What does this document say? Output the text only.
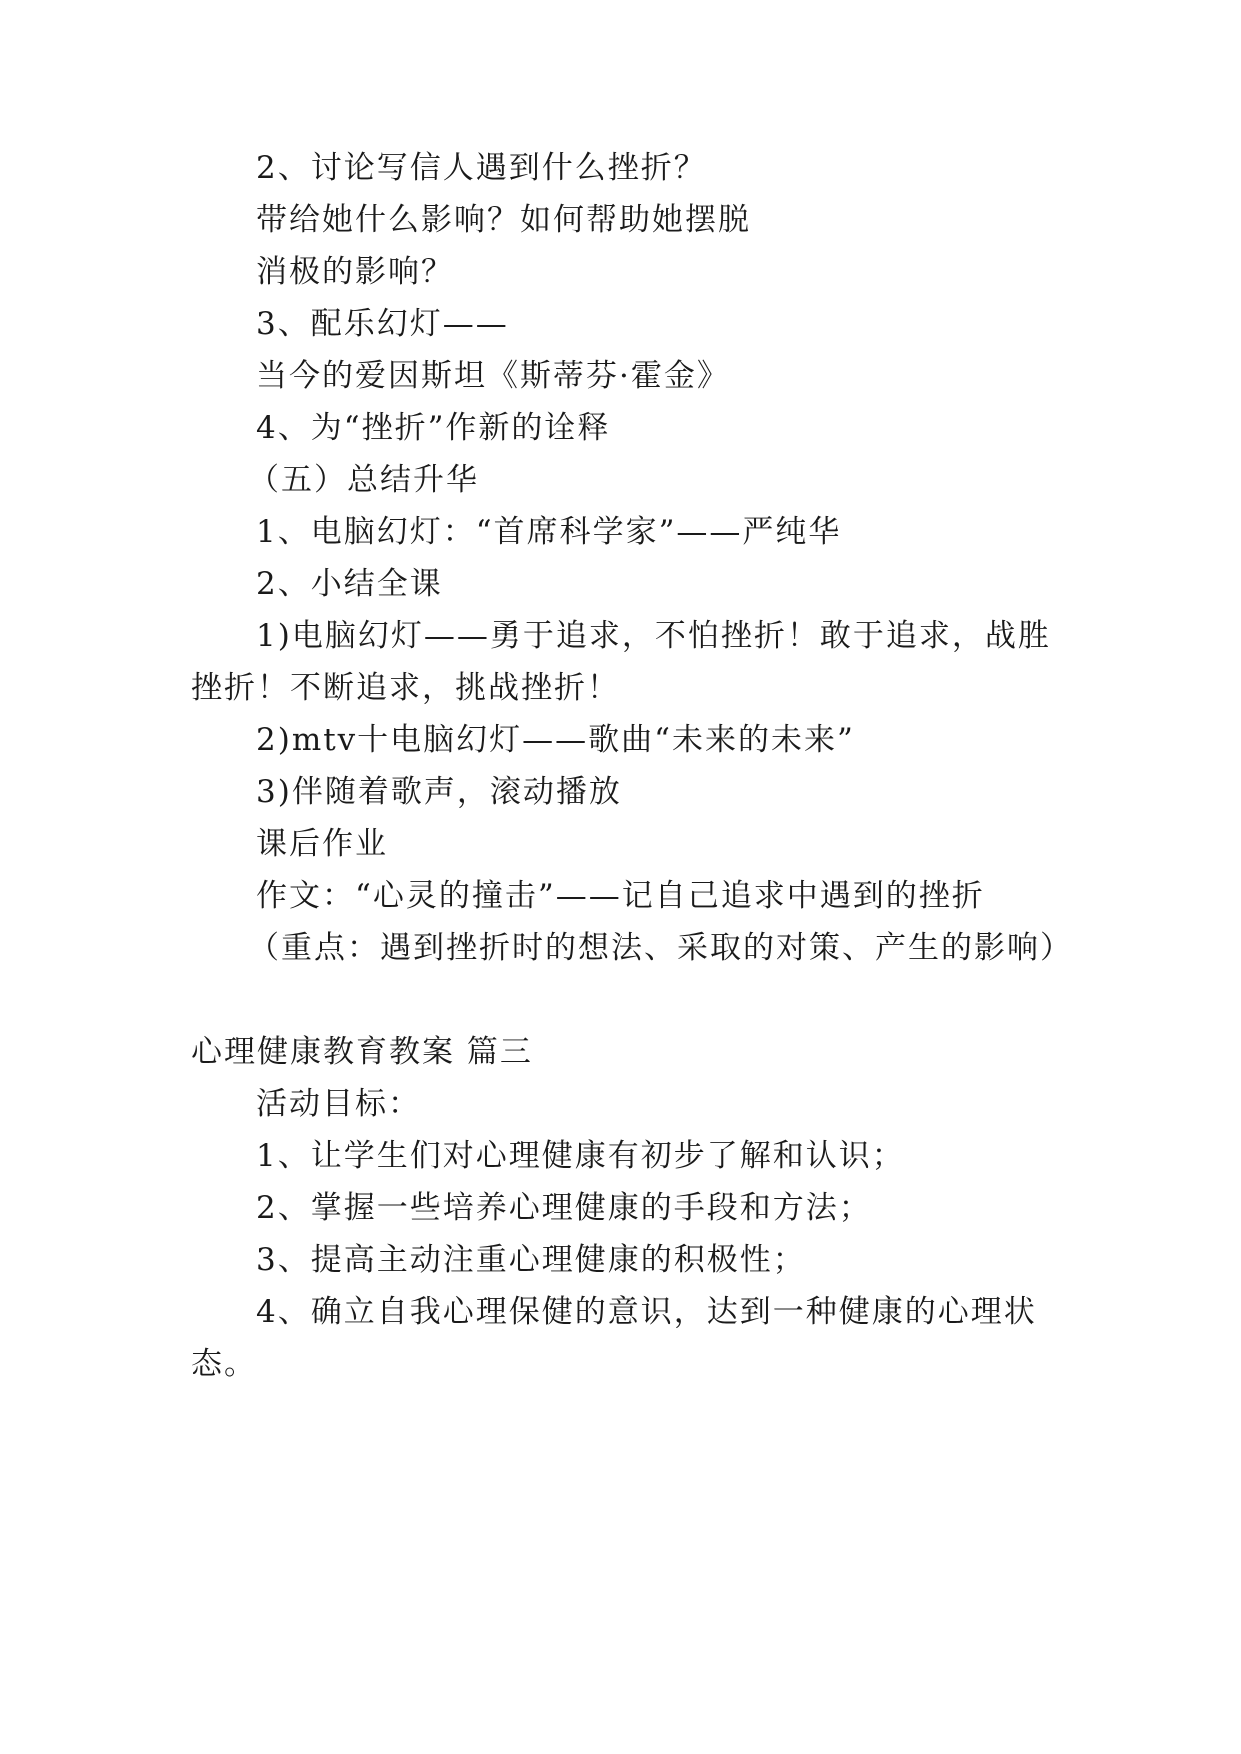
2、讨论写信人遇到什么挫折？

带给她什么影响？如何帮助她摆脱

消极的影响？

3、配乐幻灯——

当今的爱因斯坦《斯蒂芬·霍金》

4、为“挫折”作新的诠释

（五）总结升华

1、电脑幻灯：“首席科学家”——严纯华

2、小结全课

1)电脑幻灯——勇于追求，不怕挫折！敢于追求，战胜

挫折！不断追求，挑战挫折！

2)mtv十电脑幻灯——歌曲“未来的未来”

3)伴随着歌声，滚动播放

课后作业

作文：“心灵的撞击”——记自己追求中遇到的挫折

（重点：遇到挫折时的想法、采取的对策、产生的影响）

心理健康教育教案 篇三

活动目标：

1、让学生们对心理健康有初步了解和认识；

2、掌握一些培养心理健康的手段和方法；

3、提高主动注重心理健康的积极性；

4、确立自我心理保健的意识，达到一种健康的心理状

态。
